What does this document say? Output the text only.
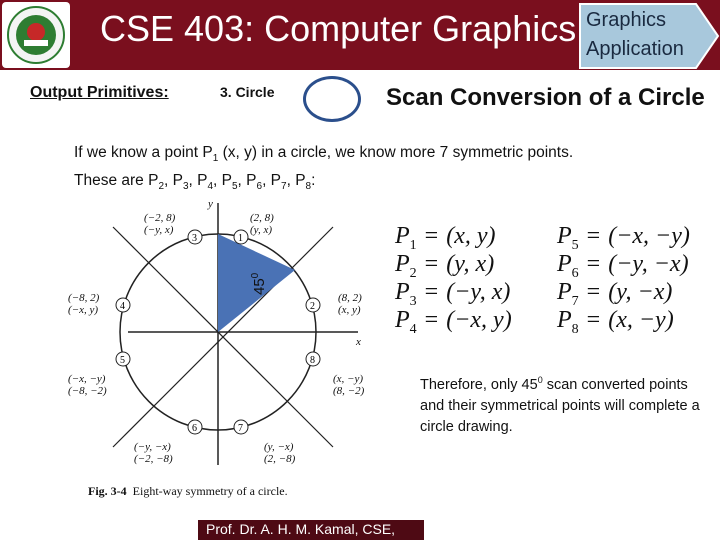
CSE 403: Computer Graphics Graphics
Application
Output Primitives:	3. Circle	Scan Conversion of a Circle
If we know a point $P_1$ (x, y) in a circle, we know more 7 symmetric points.
These are $P_2$, $P_3$, $P_4$, $P_5$, $P_6$, $P_7$, $P_8$:
$45^0$
x
y
1
2
3
4
5
6	7
8
(2, 8) (y, x)
(8, 2) (x, y)
(−2, 8) (−y, x)
(−8, 2) (−x, y)
(−x, −y) (−8, −2)
(−y, −x) (−2, −8)
(y, −x) (2, −8)
(x, −y) (8, −2)
Fig. 3-4 Eight-way symmetry of a circle.
$P_1 = (x$, y)
$P_2 = (y$, x)
$P_3 = (-y$, x)
$P_4 = (-x$, y)
$P_5 = (-x$, −y)
$P_6 = (-y$, −x)
$P_7 = (y$, −x)
$P_8 = (x$, −y)
Therefore, only $45^0$ scan converted points and their symmetrical points will complete a circle drawing.
Prof. Dr. A. H. M. Kamal, CSE,
